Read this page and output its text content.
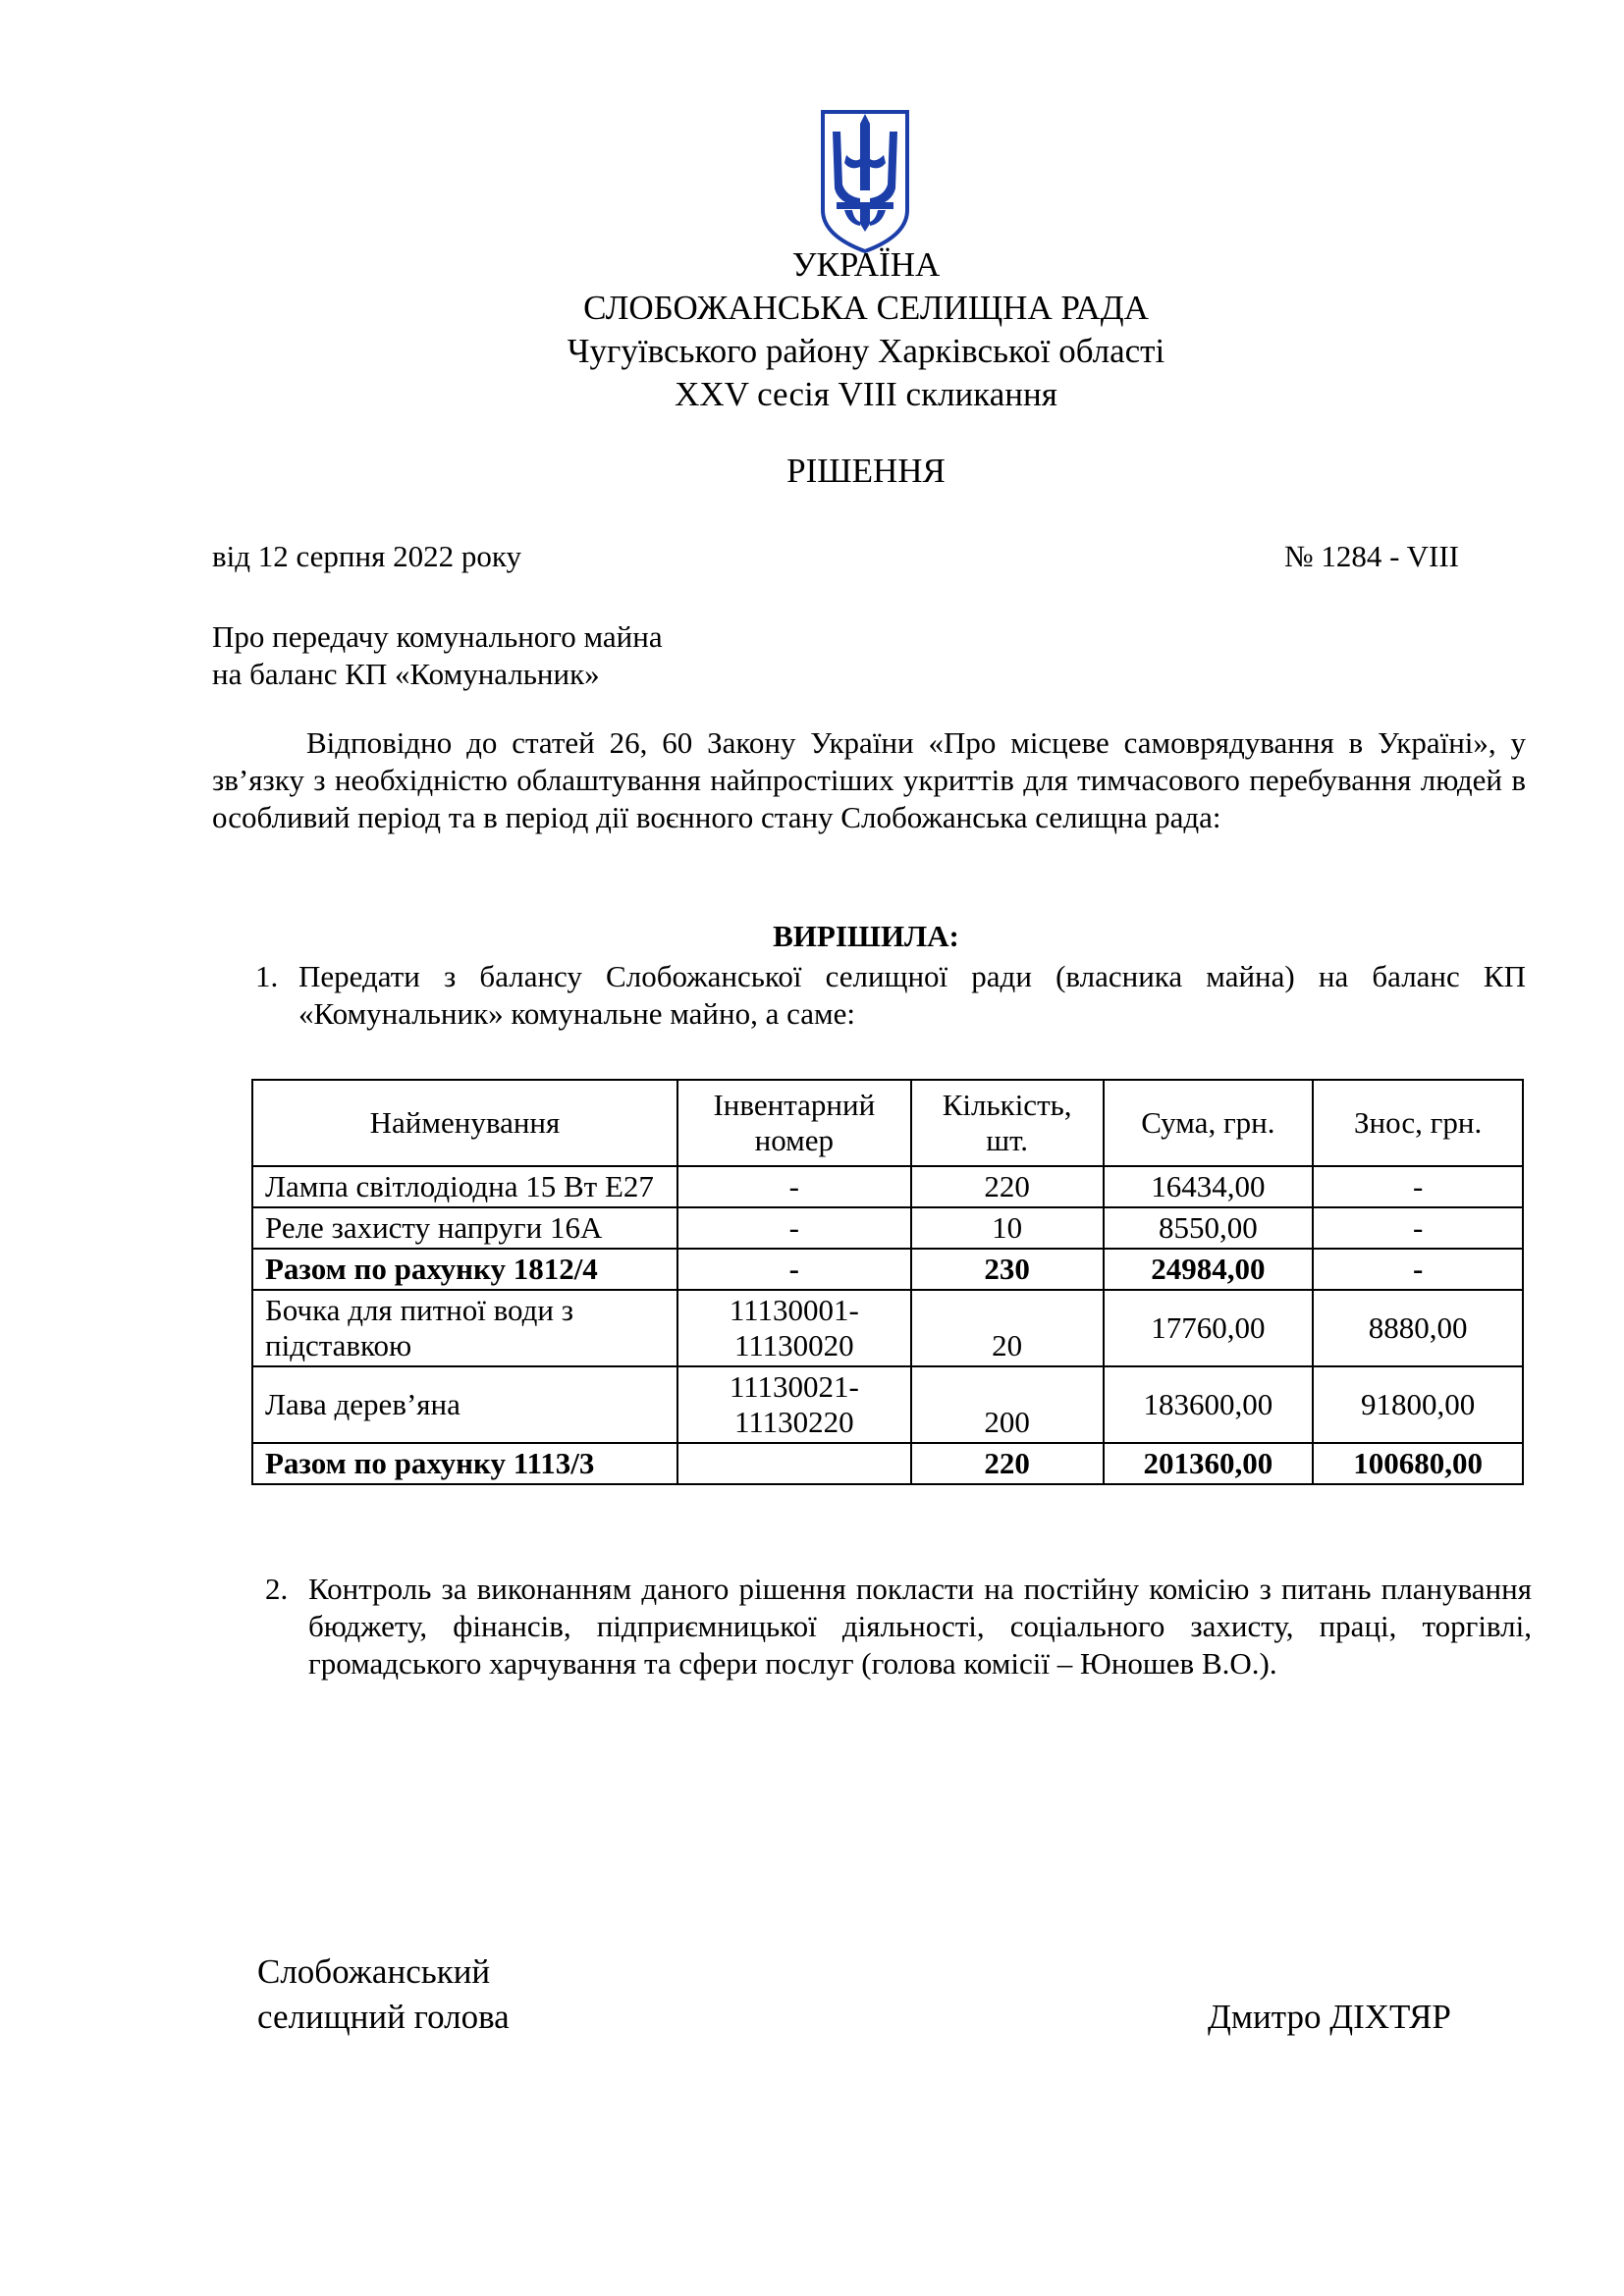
УКРАЇНА
СЛОБОЖАНСЬКА СЕЛИЩНА РАДА
Чугуївського району Харківської області
XXV сесія VIII скликання
РІШЕННЯ
від 12 серпня 2022 року	№ 1284 - VIII
Про передачу комунального майна
на баланс КП «Комунальник»
Відповідно до статей 26, 60 Закону України «Про місцеве самоврядування в Україні», у зв’язку з необхідністю облаштування найпростіших укриттів для тимчасового перебування людей в особливий період та в період дії воєнного стану Слобожанська селищна рада:
ВИРІШИЛА:
1. Передати з балансу Слобожанської селищної ради (власника майна) на баланс КП «Комунальник» комунальне майно, а саме:
Найменування	Інвентарний номер	Кількість, шт.	Сума, грн.	Знос, грн.
Лампа світлодіодна 15 Вт Е27	-	220	16434,00	-
Реле захисту напруги 16А	-	10	8550,00	-
Разом по рахунку 1812/4	-	230	24984,00	-
Бочка для питної води з підставкою	11130001-11130020	20	17760,00	8880,00
Лава дерев’яна	11130021-11130220	200	183600,00	91800,00
Разом по рахунку 1113/3		220	201360,00	100680,00
2. Контроль за виконанням даного рішення покласти на постійну комісію з питань планування бюджету, фінансів, підприємницької діяльності, соціального захисту, праці, торгівлі, громадського харчування та сфери послуг (голова комісії – Юношев В.О.).
Слобожанський
селищний голова	Дмитро ДІХТЯР
